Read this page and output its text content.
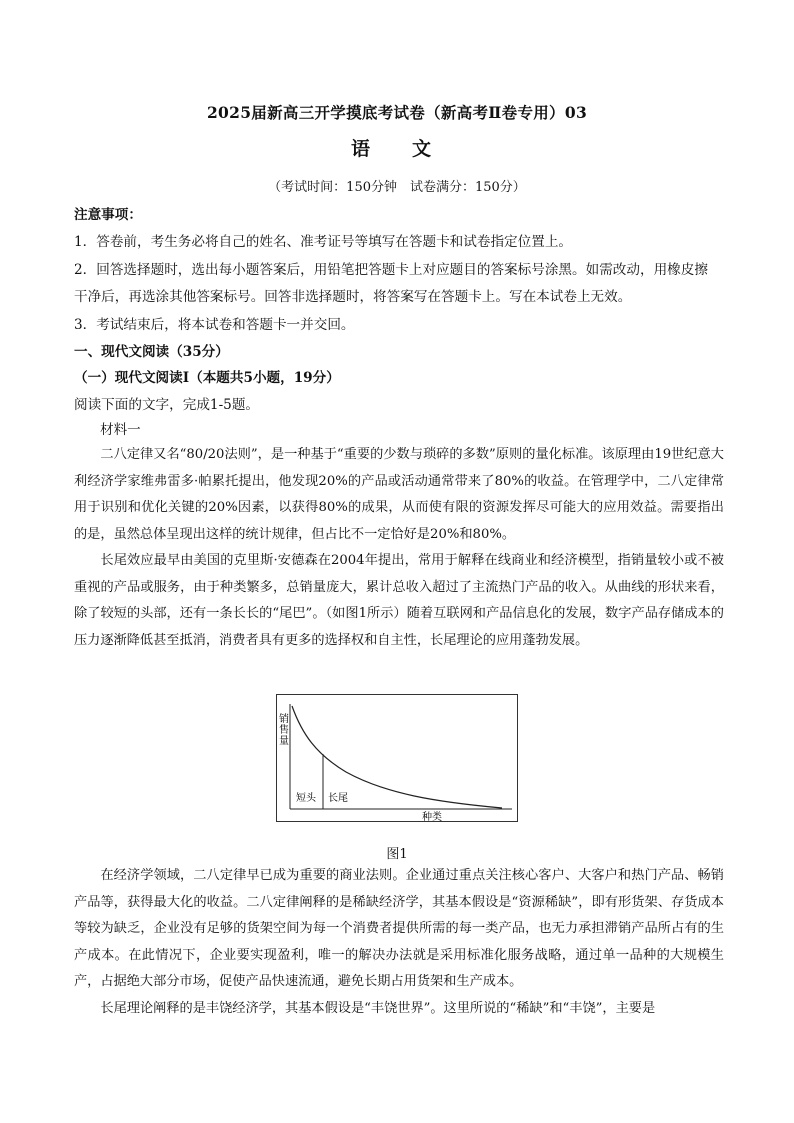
2025届新高三开学摸底考试卷（新高考Ⅱ卷专用）03
语文
（考试时间：150分钟　试卷满分：150分）
注意事项：
1．答卷前，考生务必将自己的姓名、准考证号等填写在答题卡和试卷指定位置上。
2．回答选择题时，选出每小题答案后，用铅笔把答题卡上对应题目的答案标号涂黑。如需改动，用橡皮擦
干净后，再选涂其他答案标号。回答非选择题时，将答案写在答题卡上。写在本试卷上无效。
3．考试结束后，将本试卷和答题卡一并交回。
一、现代文阅读（35分）
（一）现代文阅读Ⅰ（本题共5小题，19分）
阅读下面的文字，完成1-5题。
材料一

二八定律又名“80/20法则”，是一种基于“重要的少数与琐碎的多数”原则的量化标准。该原理由19世纪意大利经济学家维弗雷多·帕累托提出，他发现20%的产品或活动通常带来了80%的收益。在管理学中，二八定律常用于识别和优化关键的20%因素，以获得80%的成果，从而使有限的资源发挥尽可能大的应用效益。需要指出的是，虽然总体呈现出这样的统计规律，但占比不一定恰好是20%和80%。

长尾效应最早由美国的克里斯·安德森在2004年提出，常用于解释在线商业和经济模型，指销量较小或不被重视的产品或服务，由于种类繁多，总销量庞大，累计总收入超过了主流热门产品的收入。从曲线的形状来看，除了较短的头部，还有一条长长的“尾巴”。（如图1所示）随着互联网和产品信息化的发展，数字产品存储成本的压力逐渐降低甚至抵消，消费者具有更多的选择权和自主性，长尾理论的应用蓬勃发展。

销 售 量
短头 长尾
种类
图1

在经济学领域，二八定律早已成为重要的商业法则。企业通过重点关注核心客户、大客户和热门产品、畅销产品等，获得最大化的收益。二八定律阐释的是稀缺经济学，其基本假设是“资源稀缺”，即有形货架、存货成本等较为缺乏，企业没有足够的货架空间为每一个消费者提供所需的每一类产品，也无力承担滞销产品所占有的生产成本。在此情况下，企业要实现盈利，唯一的解决办法就是采用标准化服务战略，通过单一品种的大规模生产，占据绝大部分市场，促使产品快速流通，避免长期占用货架和生产成本。

长尾理论阐释的是丰饶经济学，其基本假设是“丰饶世界”。这里所说的“稀缺”和“丰饶”，主要是
